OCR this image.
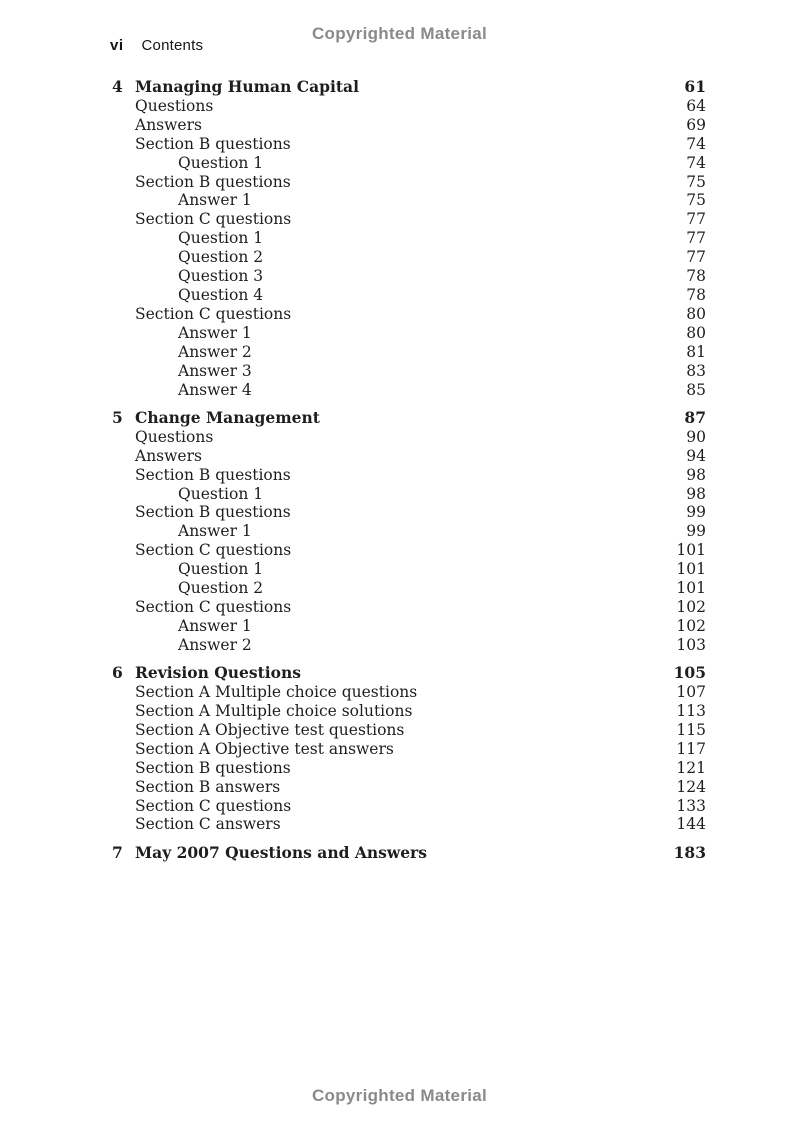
Copyrighted Material
vi Contents
4 Managing Human Capital	61
Questions	64
Answers	69
Section B questions	74
Question 1	74
Section B questions	75
Answer 1	75
Section C questions	77
Question 1	77
Question 2	77
Question 3	78
Question 4	78
Section C questions	80
Answer 1	80
Answer 2	81
Answer 3	83
Answer 4	85
5 Change Management	87
Questions	90
Answers	94
Section B questions	98
Question 1	98
Section B questions	99
Answer 1	99
Section C questions	101
Question 1	101
Question 2	101
Section C questions	102
Answer 1	102
Answer 2	103
6 Revision Questions	105
Section A Multiple choice questions	107
Section A Multiple choice solutions	113
Section A Objective test questions	115
Section A Objective test answers	117
Section B questions	121
Section B answers	124
Section C questions	133
Section C answers	144
7 May 2007 Questions and Answers	183
Copyrighted Material
